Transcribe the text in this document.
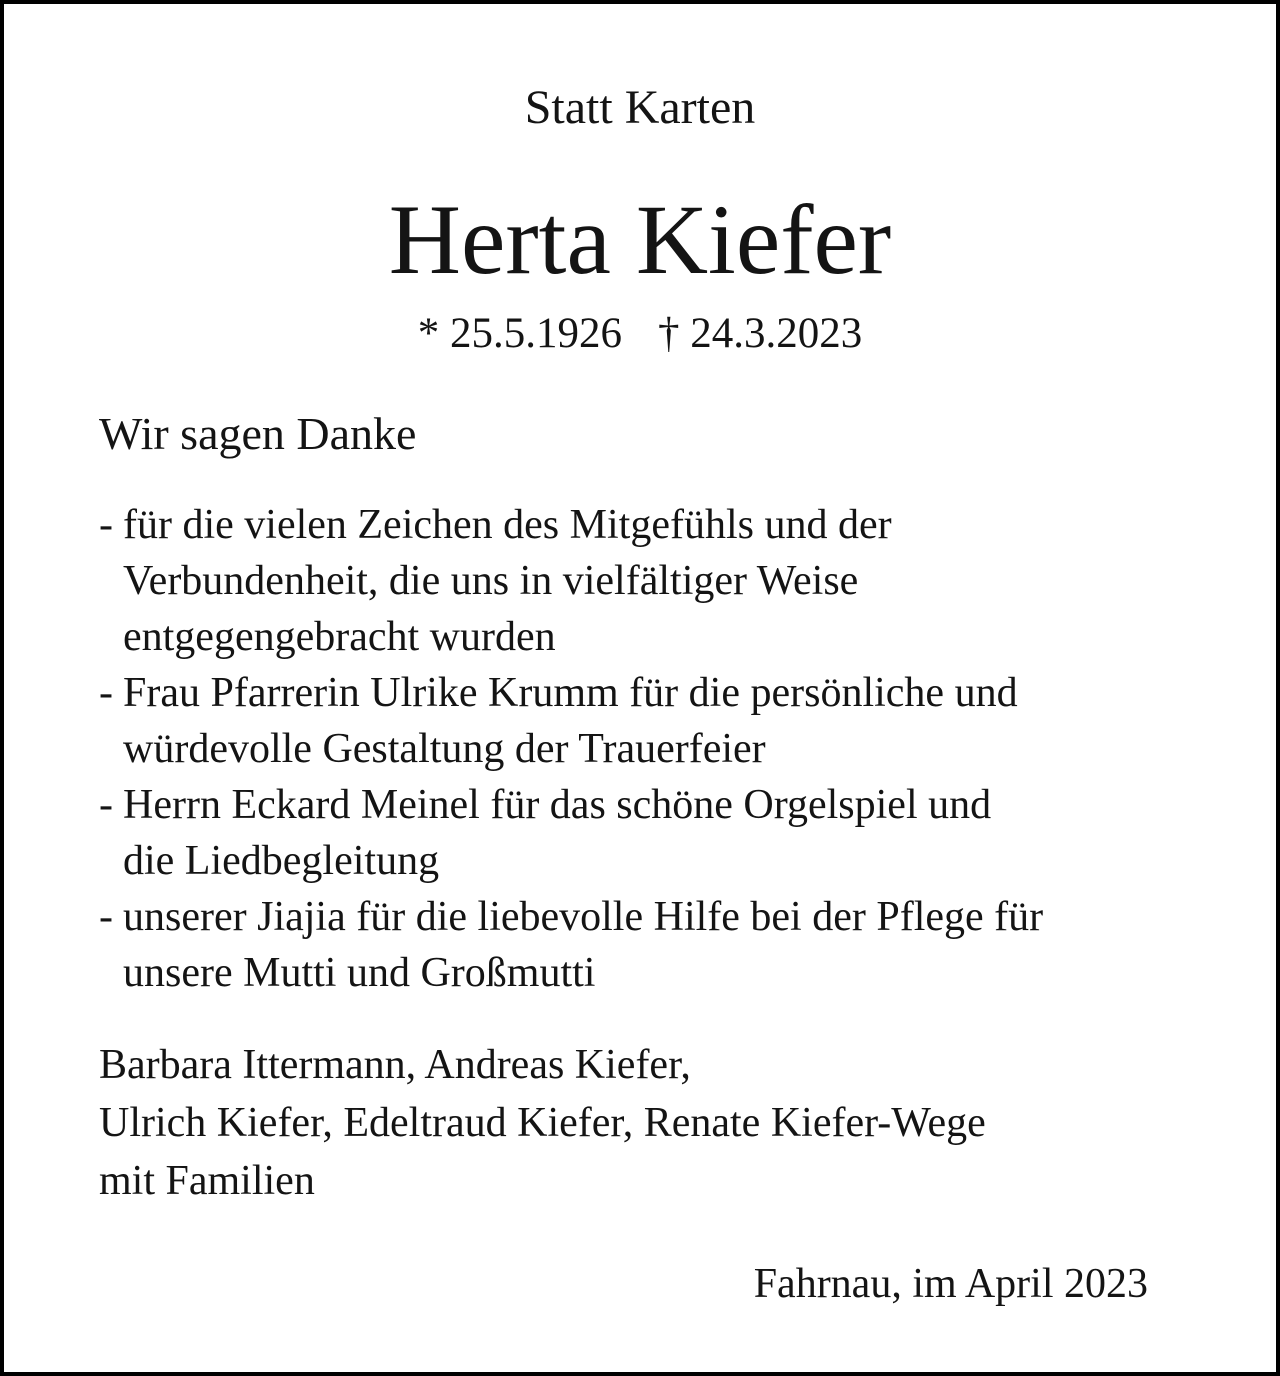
Statt Karten
Herta Kiefer
* 25.5.1926 † 24.3.2023
Wir sagen Danke
- für die vielen Zeichen des Mitgefühls und der
Verbundenheit, die uns in vielfältiger Weise
entgegengebracht wurden
- Frau Pfarrerin Ulrike Krumm für die persönliche und
würdevolle Gestaltung der Trauerfeier
- Herrn Eckard Meinel für das schöne Orgelspiel und
die Liedbegleitung
- unserer Jiajia für die liebevolle Hilfe bei der Pflege für
unsere Mutti und Großmutti
Barbara Ittermann, Andreas Kiefer,
Ulrich Kiefer, Edeltraud Kiefer, Renate Kiefer-Wege
mit Familien
Fahrnau, im April 2023
